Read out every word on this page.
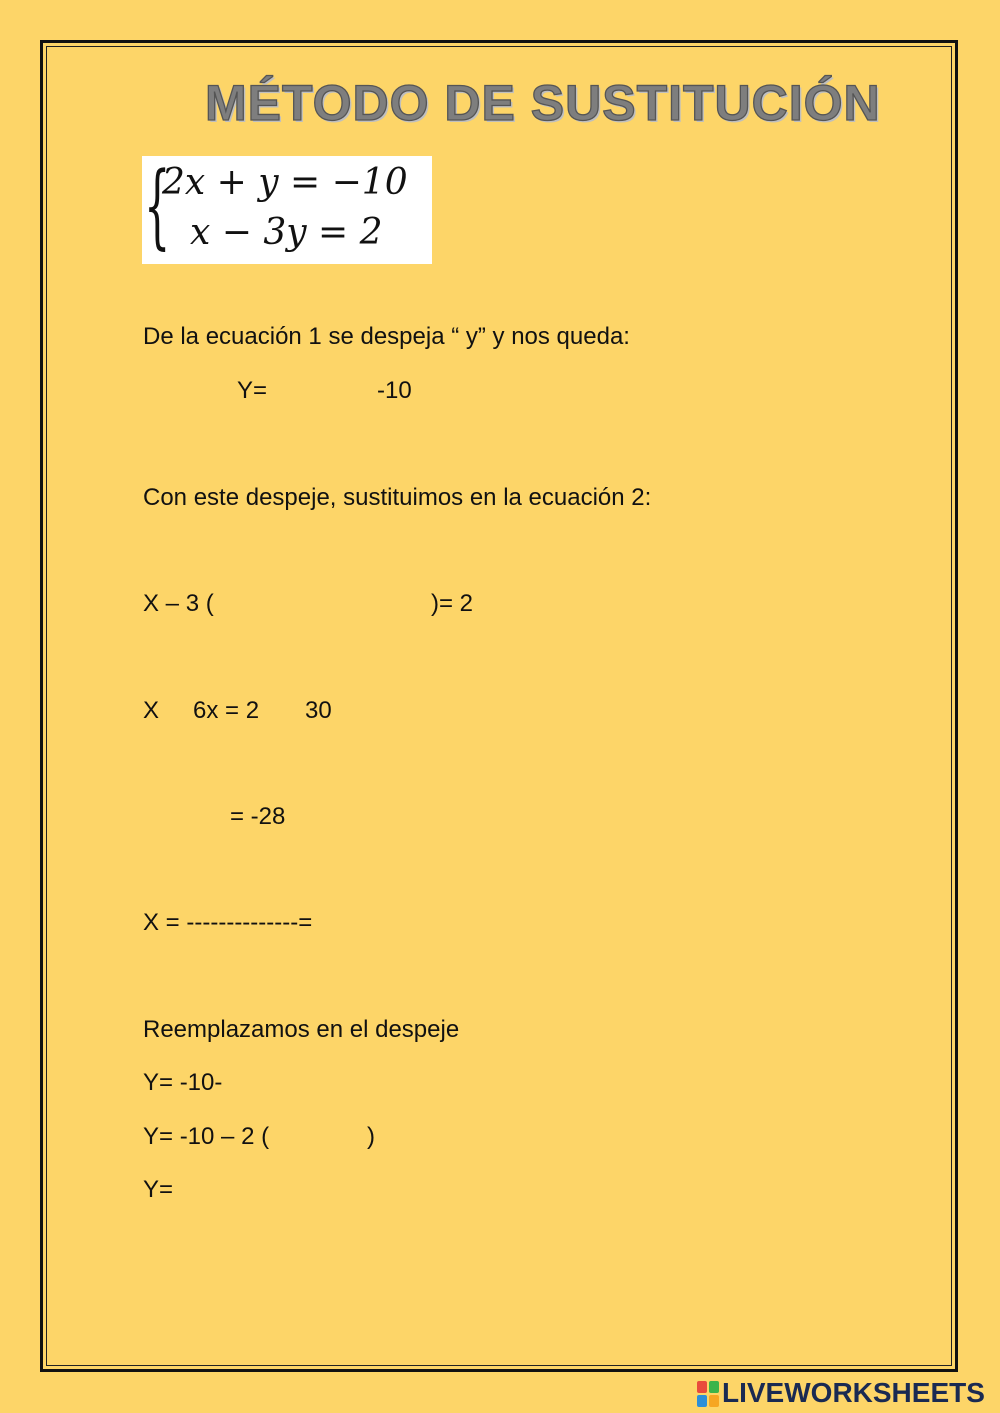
MÉTODO DE SUSTITUCIÓN
{
2x + y = −10
x − 3y = 2
De la ecuación 1 se despeja “ y” y nos queda:
Y=	-10
Con este despeje, sustituimos en la ecuación 2:
X – 3 (	)= 2
X 6x = 2 30
= -28
X = --------------=
Reemplazamos en el despeje
Y= -10-
Y= -10 – 2 (	)
Y=
LIVEWORKSHEETS
